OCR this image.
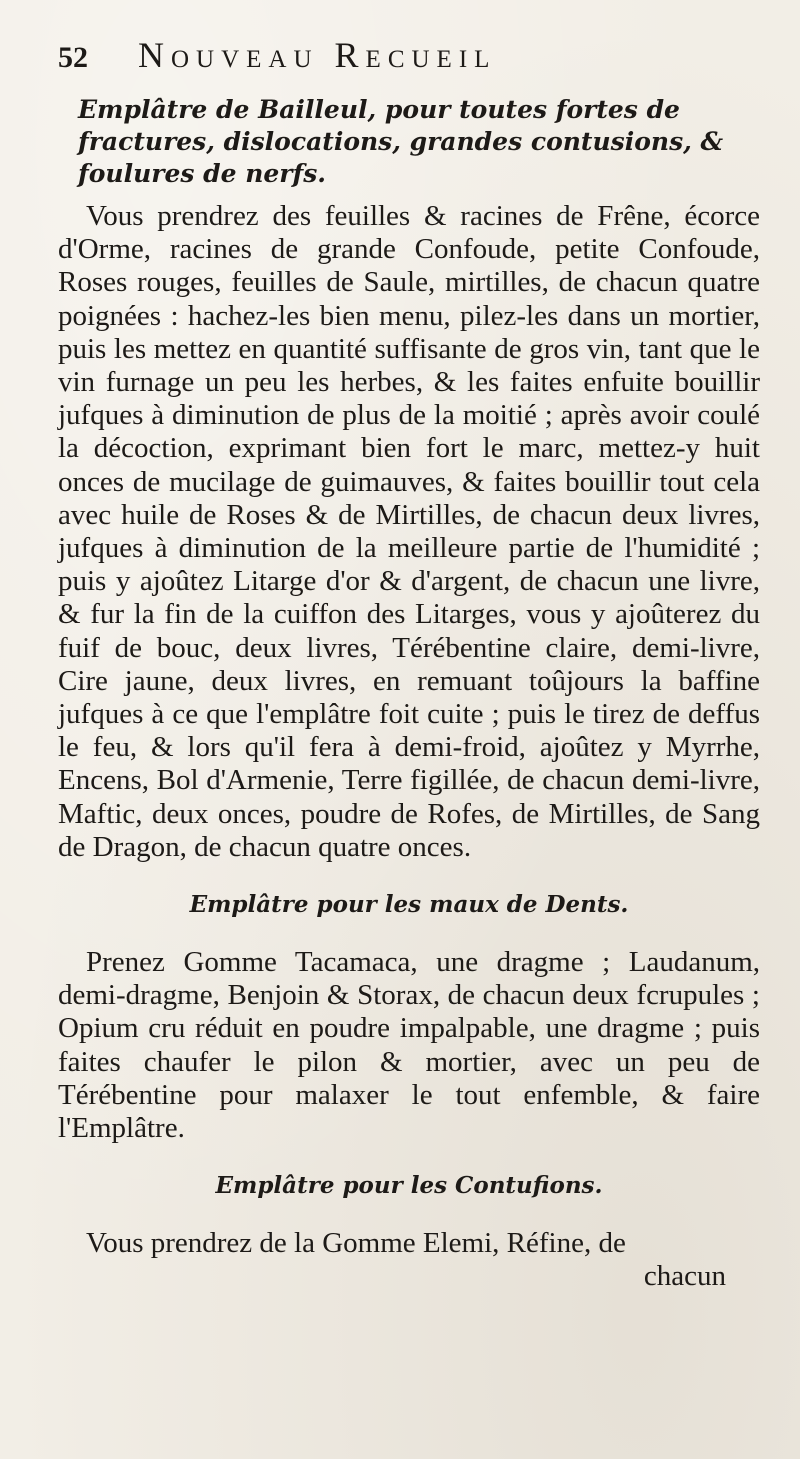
52	Nouveau Recueil
Emplâtre de Bailleul, pour toutes fortes de fractures, dislocations, grandes contusions, & foulures de nerfs.

Vous prendrez des feuilles & racines de Frêne, écorce d'Orme, racines de grande Confoude, petite Confoude, Roses rouges, feuilles de Saule, mirtilles, de chacun quatre poignées : hachez-les bien menu, pilez-les dans un mortier, puis les mettez en quantité suffisante de gros vin, tant que le vin furnage un peu les herbes, & les faites enfuite bouillir jufques à diminution de plus de la moitié ; après avoir coulé la décoction, exprimant bien fort le marc, mettez-y huit onces de mucilage de guimauves, & faites bouillir tout cela avec huile de Roses & de Mirtilles, de chacun deux livres, jufques à diminution de la meilleure partie de l'humidité ; puis y ajoûtez Litarge d'or & d'argent, de chacun une livre, & fur la fin de la cuiffon des Litarges, vous y ajoûterez du fuif de bouc, deux livres, Térébentine claire, demi-livre, Cire jaune, deux livres, en remuant toûjours la baffine jufques à ce que l'emplâtre foit cuite ; puis le tirez de deffus le feu, & lors qu'il fera à demi-froid, ajoûtez y Myrrhe, Encens, Bol d'Armenie, Terre figillée, de chacun demi-livre, Maftic, deux onces, poudre de Rofes, de Mirtilles, de Sang de Dragon, de chacun quatre onces.

Emplâtre pour les maux de Dents.

Prenez Gomme Tacamaca, une dragme ; Laudanum, demi-dragme, Benjoin & Storax, de chacun deux fcrupules ; Opium cru réduit en poudre impalpable, une dragme ; puis faites chaufer le pilon & mortier, avec un peu de Térébentine pour malaxer le tout enfemble, & faire l'Emplâtre.

Emplâtre pour les Contufions.

Vous prendrez de la Gomme Elemi, Réfine, de

chacun
